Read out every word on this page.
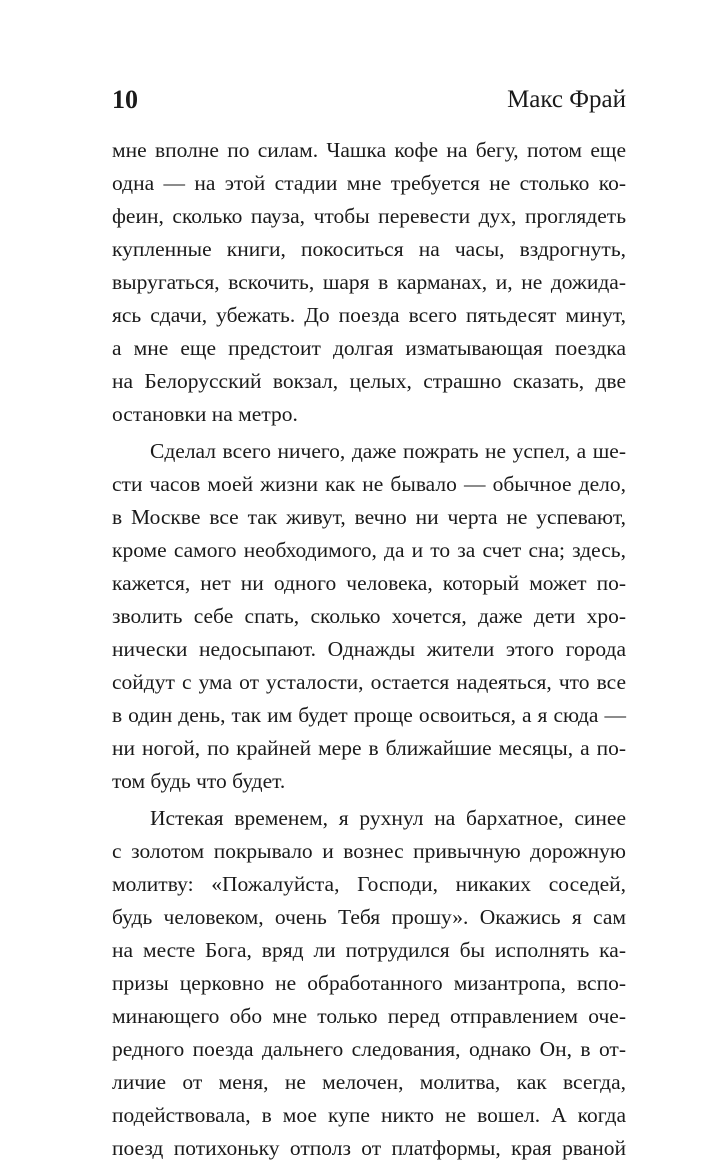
10	Макс Фрай
мне вполне по силам. Чашка кофе на бегу, потом еще
одна — на этой стадии мне требуется не столько ко-
феин, сколько пауза, чтобы перевести дух, проглядеть
купленные книги, покоситься на часы, вздрогнуть,
выругаться, вскочить, шаря в карманах, и, не дожида-
ясь сдачи, убежать. До поезда всего пятьдесят минут,
а мне еще предстоит долгая изматывающая поездка
на Белорусский вокзал, целых, страшно сказать, две
остановки на метро.
Сделал всего ничего, даже пожрать не успел, а ше-
сти часов моей жизни как не бывало — обычное дело,
в Москве все так живут, вечно ни черта не успевают,
кроме самого необходимого, да и то за счет сна; здесь,
кажется, нет ни одного человека, который может по-
зволить себе спать, сколько хочется, даже дети хро-
нически недосыпают. Однажды жители этого города
сойдут с ума от усталости, остается надеяться, что все
в один день, так им будет проще освоиться, а я сюда —
ни ногой, по крайней мере в ближайшие месяцы, а по-
том будь что будет.
Истекая временем, я рухнул на бархатное, синее
с золотом покрывало и вознес привычную дорожную
молитву: «Пожалуйста, Господи, никаких соседей,
будь человеком, очень Тебя прошу». Окажись я сам
на месте Бога, вряд ли потрудился бы исполнять ка-
призы церковно не обработанного мизантропа, вспо-
минающего обо мне только перед отправлением оче-
редного поезда дальнего следования, однако Он, в от-
личие от меня, не мелочен, молитва, как всегда,
подействовала, в мое купе никто не вошел. А когда
поезд потихоньку отполз от платформы, края рваной
